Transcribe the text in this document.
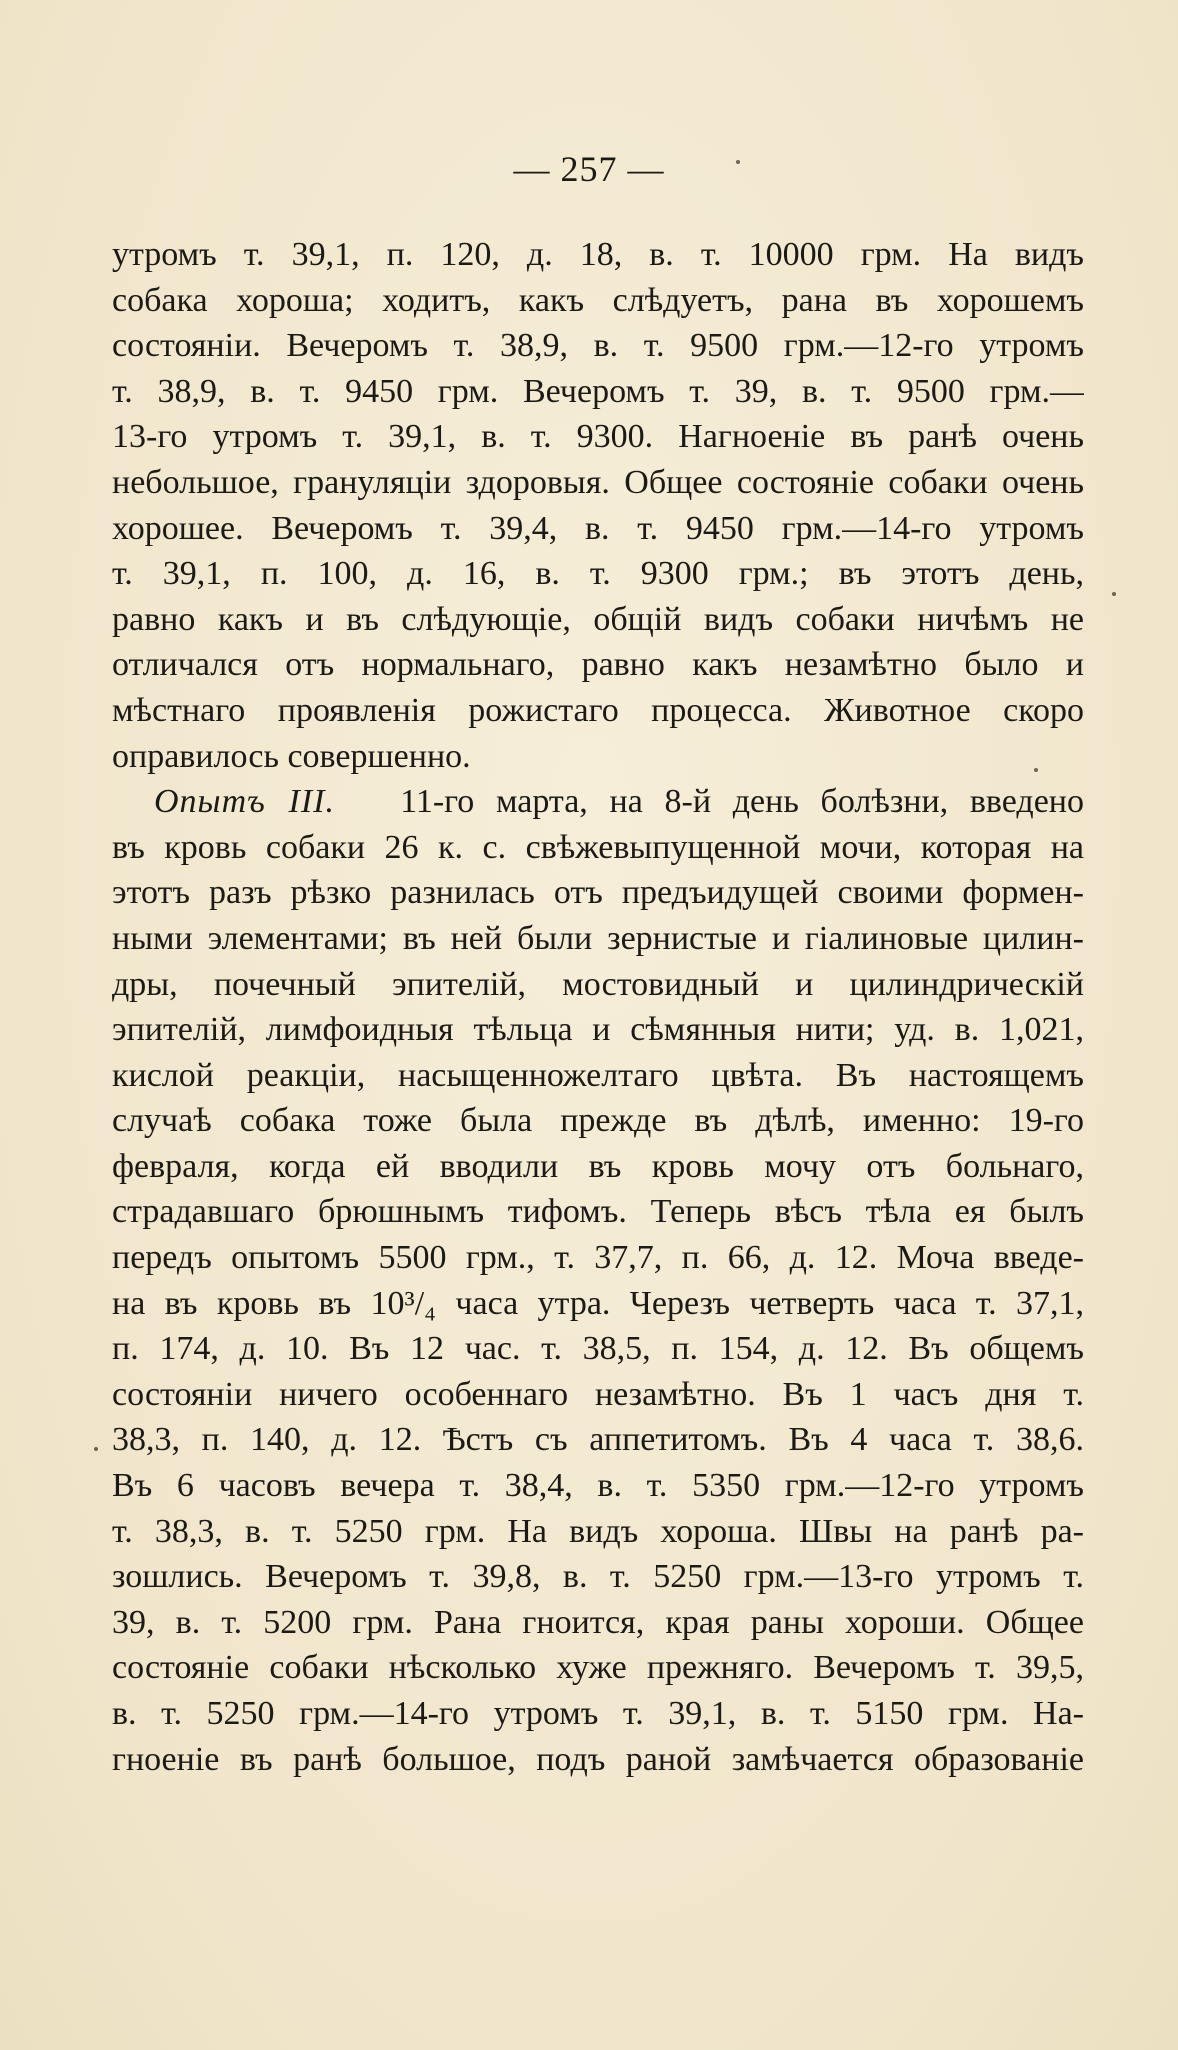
— 257 —
утромъ т. 39,1, п. 120, д. 18, в. т. 10000 грм. На видъ
собака хороша; ходитъ, какъ слѣдуетъ, рана въ хорошемъ
состоянiи. Вечеромъ т. 38,9, в. т. 9500 грм.—12-го утромъ
т. 38,9, в. т. 9450 грм. Вечеромъ т. 39, в. т. 9500 грм.—
13-го утромъ т. 39,1, в. т. 9300. Нагноенiе въ ранѣ очень
небольшое, грануляцiи здоровыя. Общее состоянiе собаки очень
хорошее. Вечеромъ т. 39,4, в. т. 9450 грм.—14-го утромъ
т. 39,1, п. 100, д. 16, в. т. 9300 грм.; въ этотъ день,
равно какъ и въ слѣдующiе, общiй видъ собаки ничѣмъ не
отличался отъ нормальнаго, равно какъ незамѣтно было и
мѣстнаго проявленiя рожистаго процесса. Животное скоро
оправилось совершенно.
Опытъ III. 11-го марта, на 8-й день болѣзни, введено
въ кровь собаки 26 к. с. свѣжевыпущенной мочи, которая на
этотъ разъ рѣзко разнилась отъ предъидущей своими формен-
ными элементами; въ ней были зернистые и гiалиновые цилин-
дры, почечный эпителiй, мостовидный и цилиндрическiй
эпителiй, лимфоидныя тѣльца и сѣмянныя нити; уд. в. 1,021,
кислой реакцiи, насыщенножелтаго цвѣта. Въ настоящемъ
случаѣ собака тоже была прежде въ дѣлѣ, именно: 19-го
февраля, когда ей вводили въ кровь мочу отъ больнаго,
страдавшаго брюшнымъ тифомъ. Теперь вѣсъ тѣла ея былъ
передъ опытомъ 5500 грм., т. 37,7, п. 66, д. 12. Моча введе-
на въ кровь въ 10³/₄ часа утра. Черезъ четверть часа т. 37,1,
п. 174, д. 10. Въ 12 час. т. 38,5, п. 154, д. 12. Въ общемъ
состоянiи ничего особеннаго незамѣтно. Въ 1 часъ дня т.
38,3, п. 140, д. 12. Ѣстъ съ аппетитомъ. Въ 4 часа т. 38,6.
Въ 6 часовъ вечера т. 38,4, в. т. 5350 грм.—12-го утромъ
т. 38,3, в. т. 5250 грм. На видъ хороша. Швы на ранѣ ра-
зошлись. Вечеромъ т. 39,8, в. т. 5250 грм.—13-го утромъ т.
39, в. т. 5200 грм. Рана гноится, края раны хороши. Общее
состоянiе собаки нѣсколько хуже прежняго. Вечеромъ т. 39,5,
в. т. 5250 грм.—14-го утромъ т. 39,1, в. т. 5150 грм. На-
гноенiе въ ранѣ большое, подъ раной замѣчается образованiе
